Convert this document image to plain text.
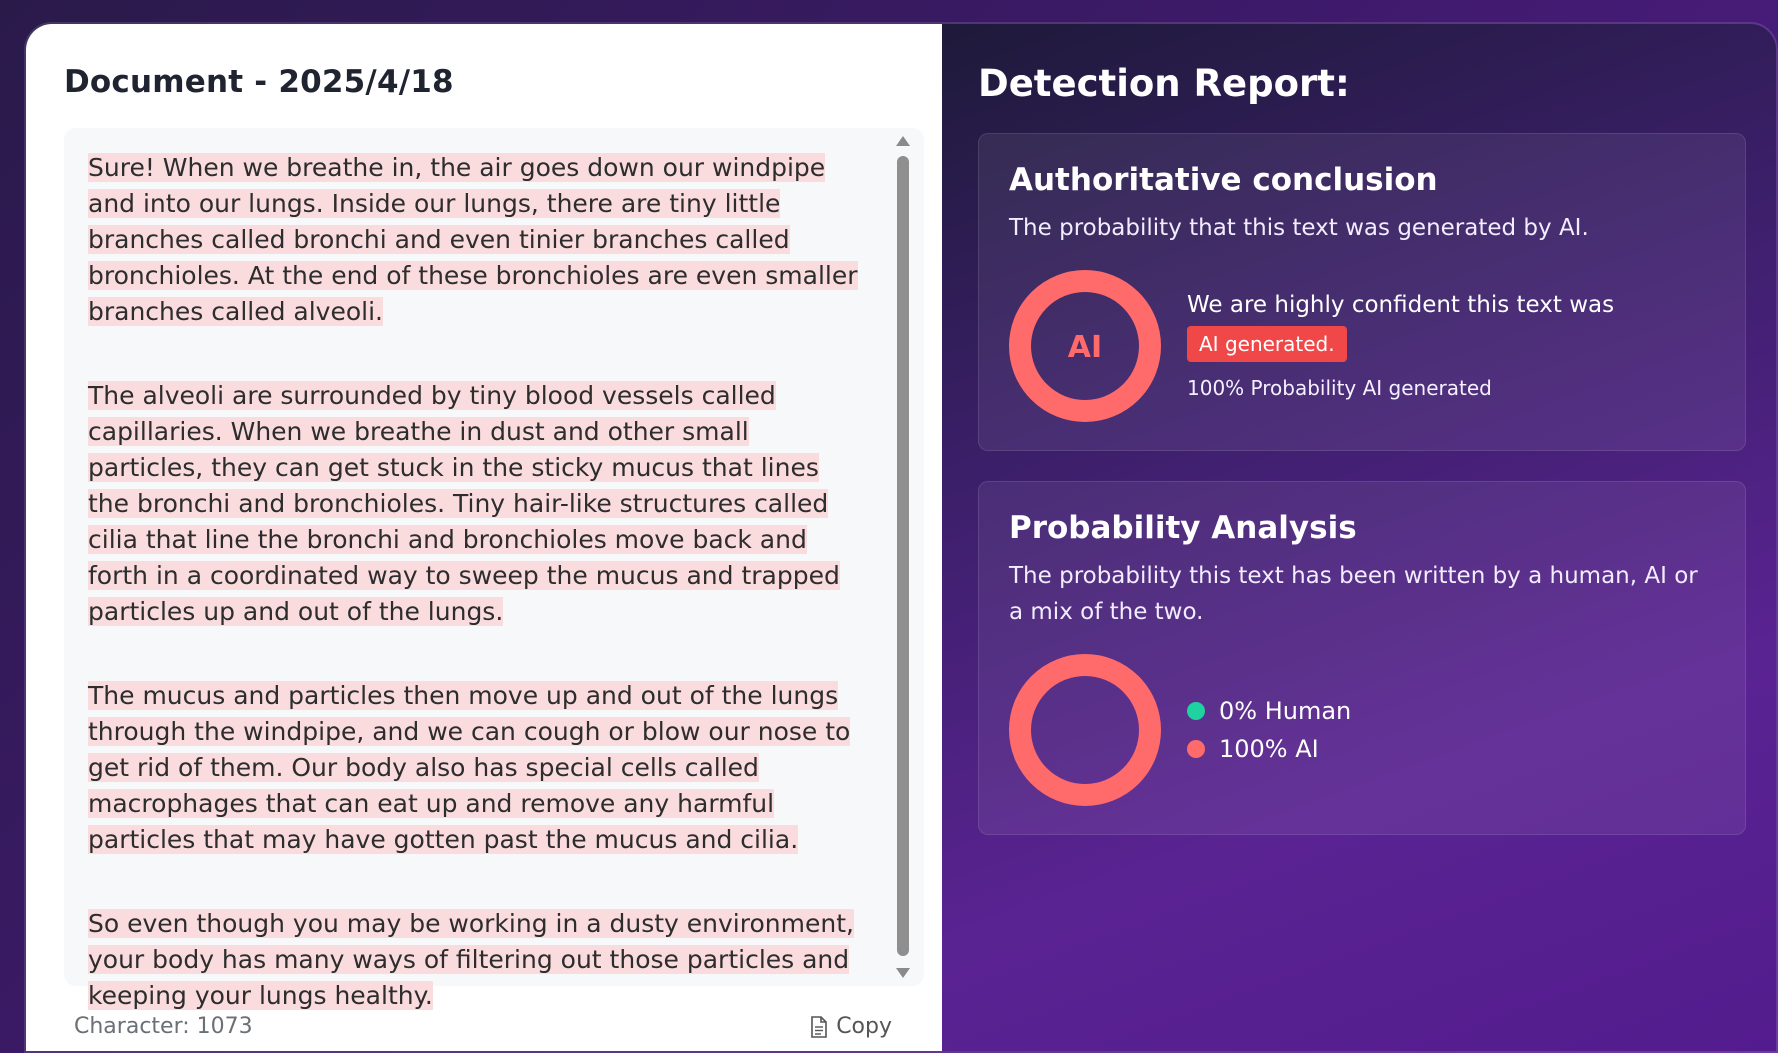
Document - 2025/4/18

Sure! When we breathe in, the air goes down our windpipe and into our lungs. Inside our lungs, there are tiny little branches called bronchi and even tinier branches called bronchioles. At the end of these bronchioles are even smaller branches called alveoli.

The alveoli are surrounded by tiny blood vessels called capillaries. When we breathe in dust and other small particles, they can get stuck in the sticky mucus that lines the bronchi and bronchioles. Tiny hair-like structures called cilia that line the bronchi and bronchioles move back and forth in a coordinated way to sweep the mucus and trapped particles up and out of the lungs.

The mucus and particles then move up and out of the lungs through the windpipe, and we can cough or blow our nose to get rid of them. Our body also has special cells called macrophages that can eat up and remove any harmful particles that may have gotten past the mucus and cilia.

So even though you may be working in a dusty environment, your body has many ways of filtering out those particles and keeping your lungs healthy.

Character: 1073	Copy
Detection Report:
Authoritative conclusion

The probability that this text was generated by AI.

AI
We are highly confident this text was
AI generated.
100% Probability AI generated
Probability Analysis

The probability this text has been written by a human, AI or a mix of the two.

0% Human
100% AI
